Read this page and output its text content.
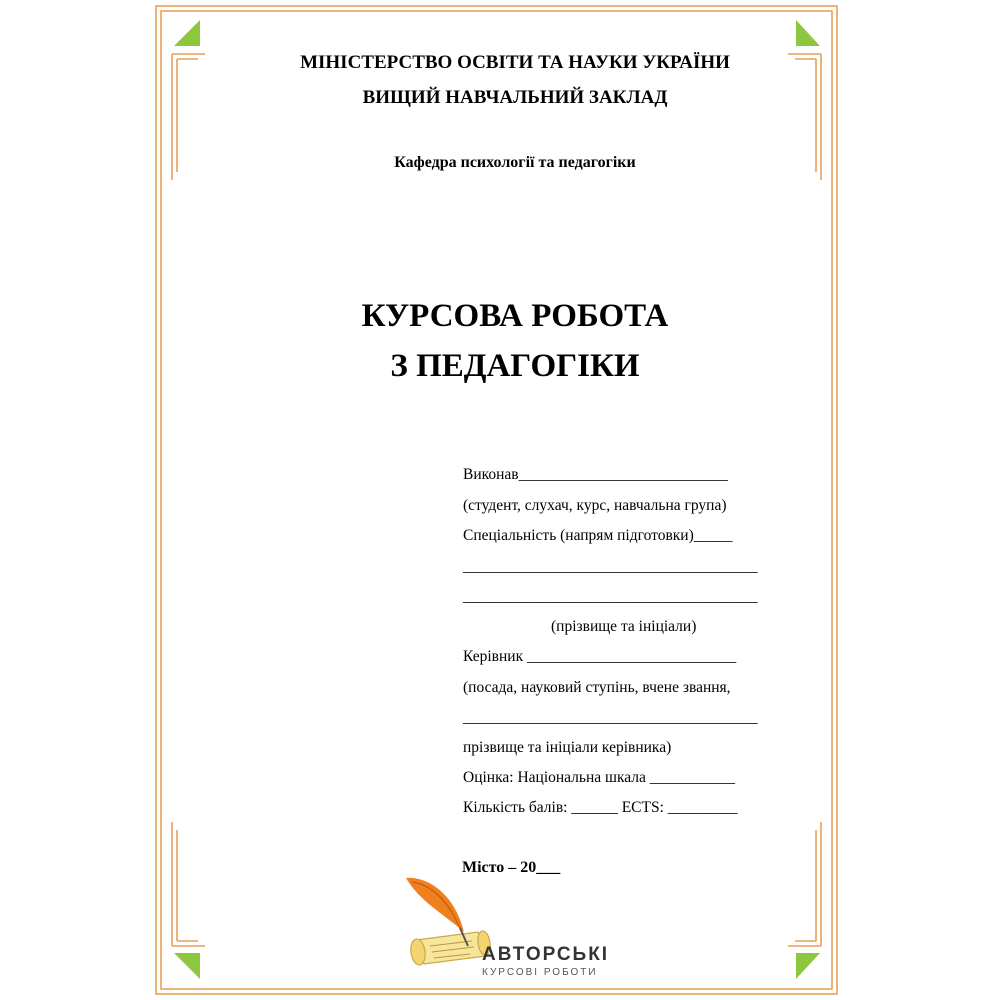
МІНІСТЕРСТВО ОСВІТИ ТА НАУКИ УКРАЇНИ
ВИЩИЙ НАВЧАЛЬНИЙ ЗАКЛАД
Кафедра психології та педагогіки
КУРСОВА РОБОТА
З ПЕДАГОГІКИ
Виконав___________________________
(студент, слухач, курс, навчальна група)
Спеціальність (напрям підготовки)_____
______________________________________
______________________________________
(прізвище та ініціали)
Керівник ___________________________
(посада, науковий ступінь, вчене звання,
______________________________________
прізвище та ініціали керівника)
Оцінка: Національна шкала ___________
Кількість балів: ______ ECTS: _________
Місто – 20___
АВТОРСЬКІ
КУРСОВІ РОБОТИ
